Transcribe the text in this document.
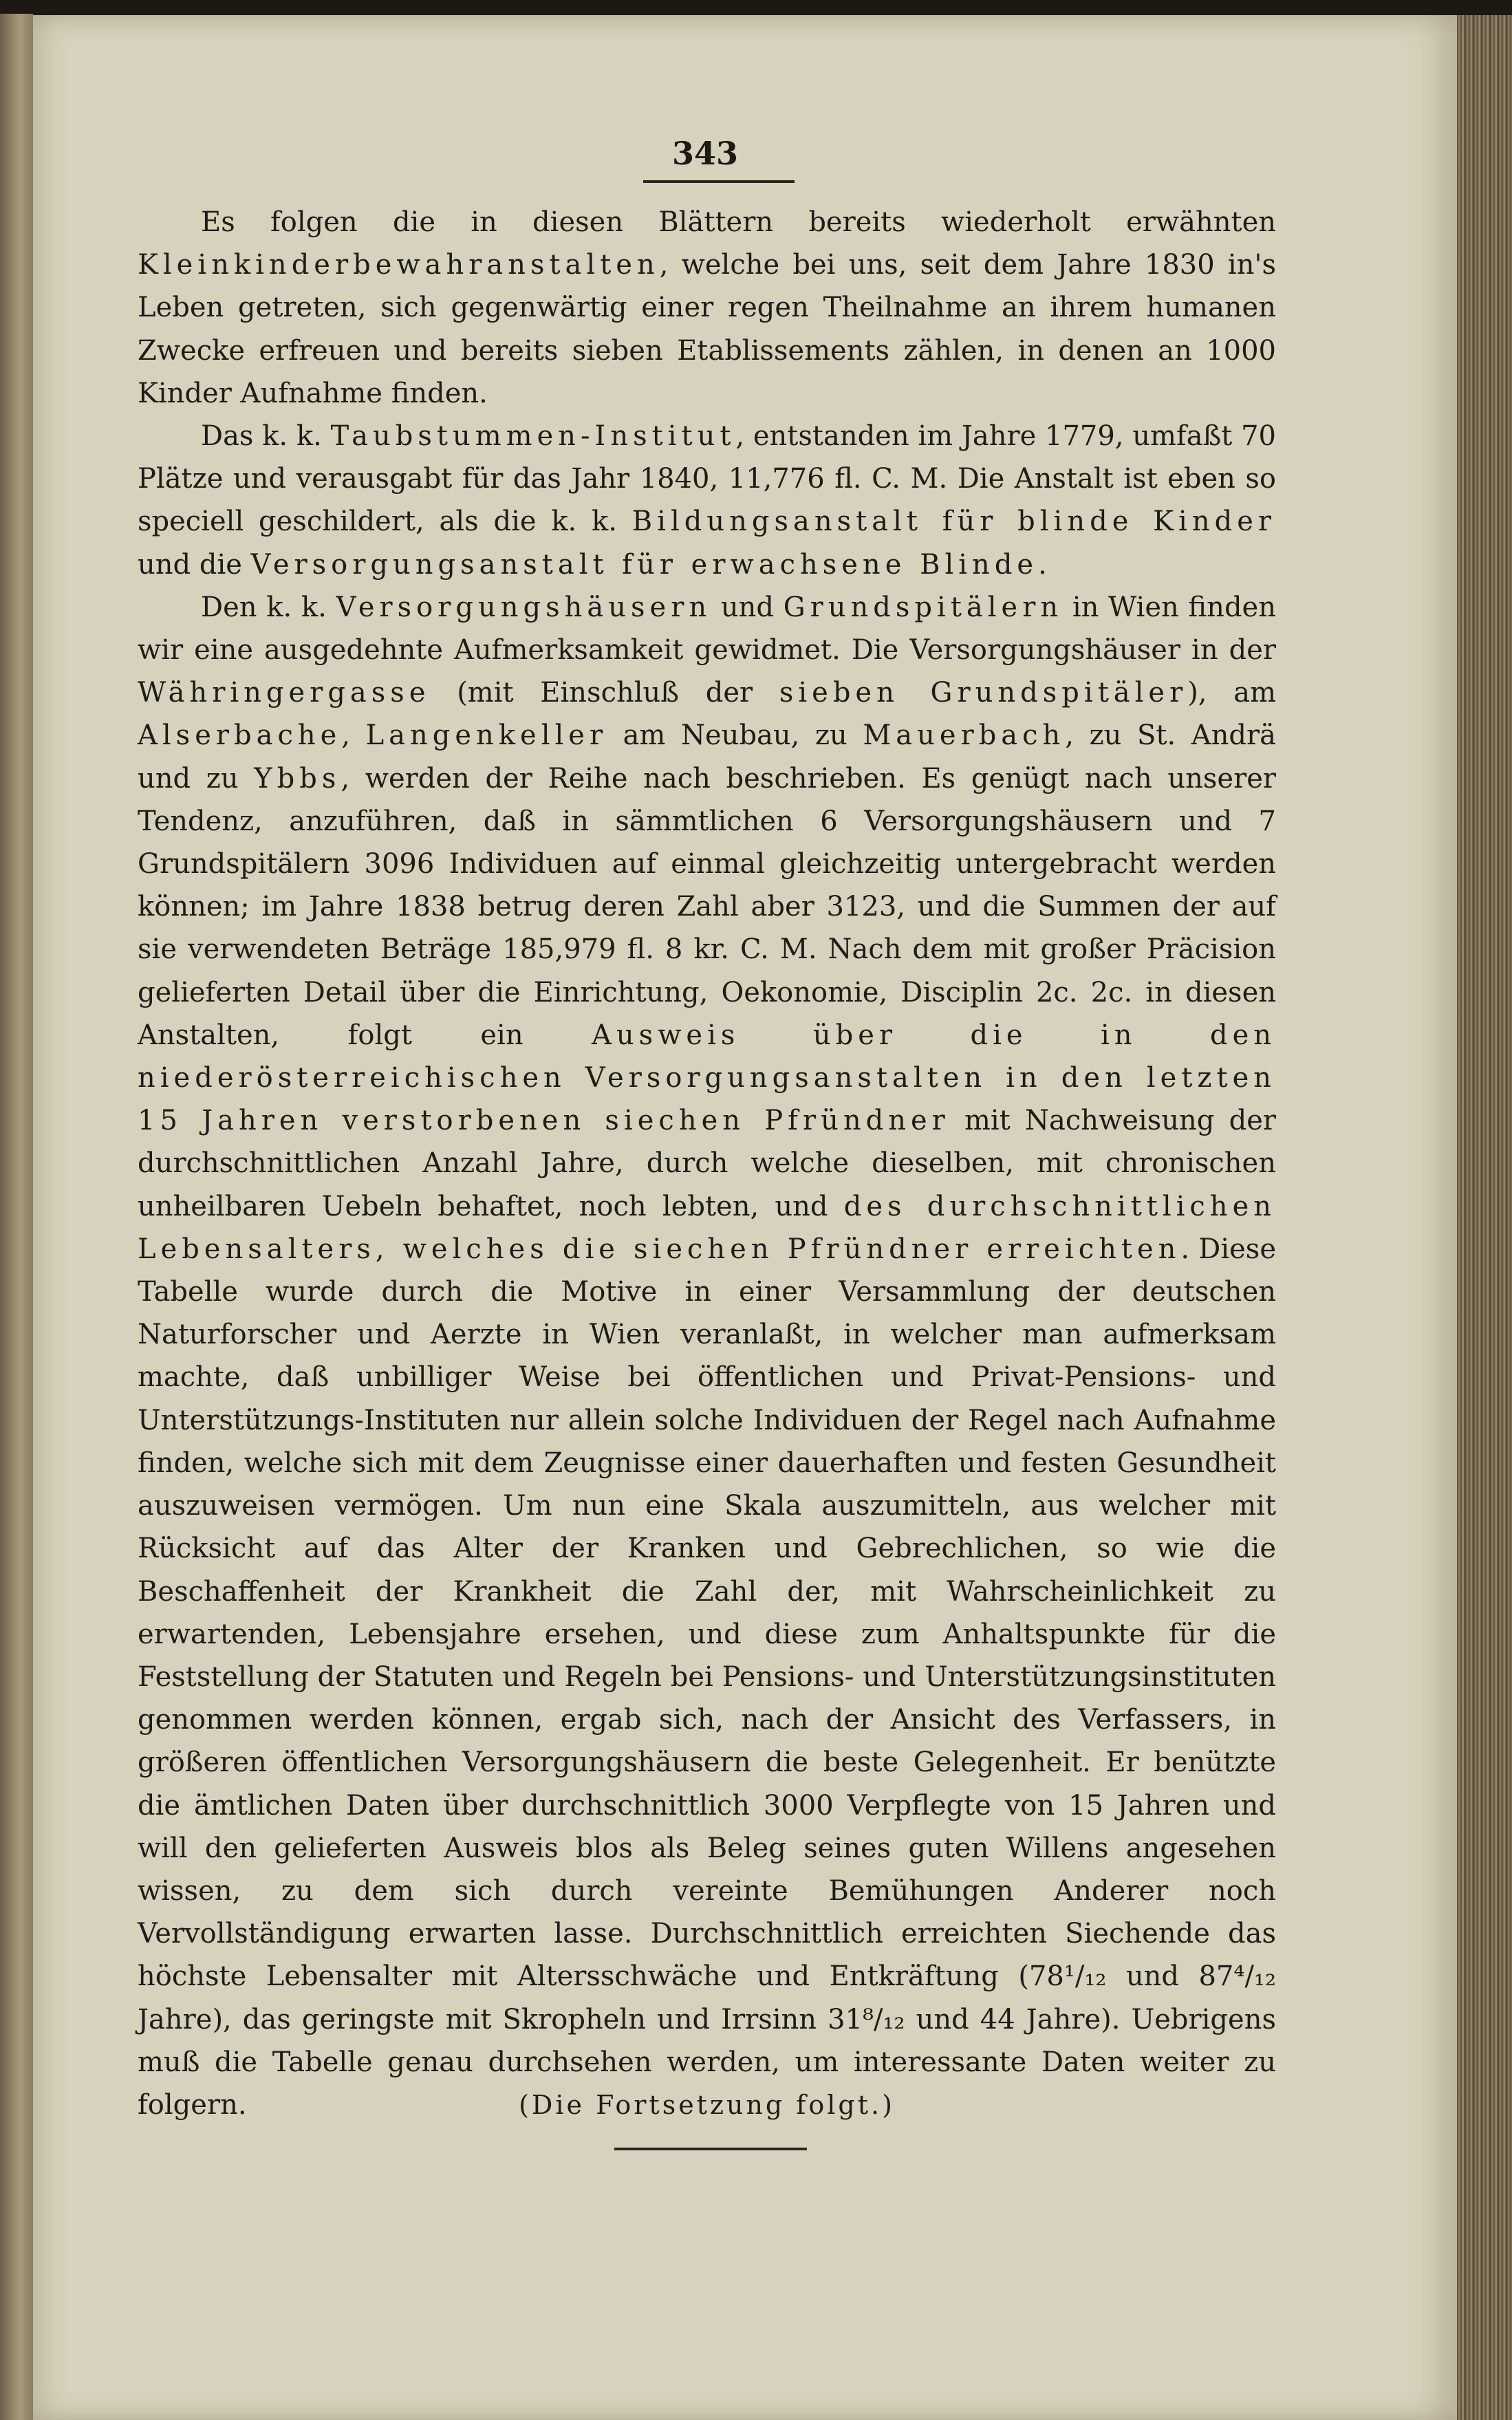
343

Es folgen die in diesen Blättern bereits wiederholt erwähnten Kleinkinderbewahranstalten, welche bei uns, seit dem Jahre 1830 in's Leben getreten, sich gegenwärtig einer regen Theilnahme an ihrem humanen Zwecke erfreuen und bereits sieben Etablissements zählen, in denen an 1000 Kinder Aufnahme finden.

Das k. k. Taubstummen-Institut, entstanden im Jahre 1779, umfaßt 70 Plätze und verausgabt für das Jahr 1840, 11,776 fl. C. M. Die Anstalt ist eben so speciell geschildert, als die k. k. Bildungsanstalt für blinde Kinder und die Versorgungsanstalt für erwachsene Blinde.

Den k. k. Versorgungshäusern und Grundspitälern in Wien finden wir eine ausgedehnte Aufmerksamkeit gewidmet. Die Versorgungshäuser in der Währingergasse (mit Einschluß der sieben Grundspitäler), am Alserbache, Langenkeller am Neubau, zu Mauerbach, zu St. Andrä und zu Ybbs, werden der Reihe nach beschrieben. Es genügt nach unserer Tendenz, anzuführen, daß in sämmtlichen 6 Versorgungshäusern und 7 Grundspitälern 3096 Individuen auf einmal gleichzeitig untergebracht werden können; im Jahre 1838 betrug deren Zahl aber 3123, und die Summen der auf sie verwendeten Beträge 185,979 fl. 8 kr. C. M. Nach dem mit großer Präcision gelieferten Detail über die Einrichtung, Oekonomie, Disciplin 2c. 2c. in diesen Anstalten, folgt ein Ausweis über die in den niederösterreichischen Versorgungsanstalten in den letzten 15 Jahren verstorbenen siechen Pfründner mit Nachweisung der durchschnittlichen Anzahl Jahre, durch welche dieselben, mit chronischen unheilbaren Uebeln behaftet, noch lebten, und des durchschnittlichen Lebensalters, welches die siechen Pfründner erreichten. Diese Tabelle wurde durch die Motive in einer Versammlung der deutschen Naturforscher und Aerzte in Wien veranlaßt, in welcher man aufmerksam machte, daß unbilliger Weise bei öffentlichen und Privat-Pensions- und Unterstützungs-Instituten nur allein solche Individuen der Regel nach Aufnahme finden, welche sich mit dem Zeugnisse einer dauerhaften und festen Gesundheit auszuweisen vermögen. Um nun eine Skala auszumitteln, aus welcher mit Rücksicht auf das Alter der Kranken und Gebrechlichen, so wie die Beschaffenheit der Krankheit die Zahl der, mit Wahrscheinlichkeit zu erwartenden, Lebensjahre ersehen, und diese zum Anhaltspunkte für die Feststellung der Statuten und Regeln bei Pensions- und Unterstützungsinstituten genommen werden können, ergab sich, nach der Ansicht des Verfassers, in größeren öffentlichen Versorgungshäusern die beste Gelegenheit. Er benützte die ämtlichen Daten über durchschnittlich 3000 Verpflegte von 15 Jahren und will den gelieferten Ausweis blos als Beleg seines guten Willens angesehen wissen, zu dem sich durch vereinte Bemühungen Anderer noch Vervollständigung erwarten lasse. Durchschnittlich erreichten Siechende das höchste Lebensalter mit Altersschwäche und Entkräftung (78¹/₁₂ und 87⁴/₁₂ Jahre), das geringste mit Skropheln und Irrsinn 31⁸/₁₂ und 44 Jahre). Uebrigens muß die Tabelle genau durchsehen werden, um interessante Daten weiter zu folgern.	(Die Fortsetzung folgt.)
